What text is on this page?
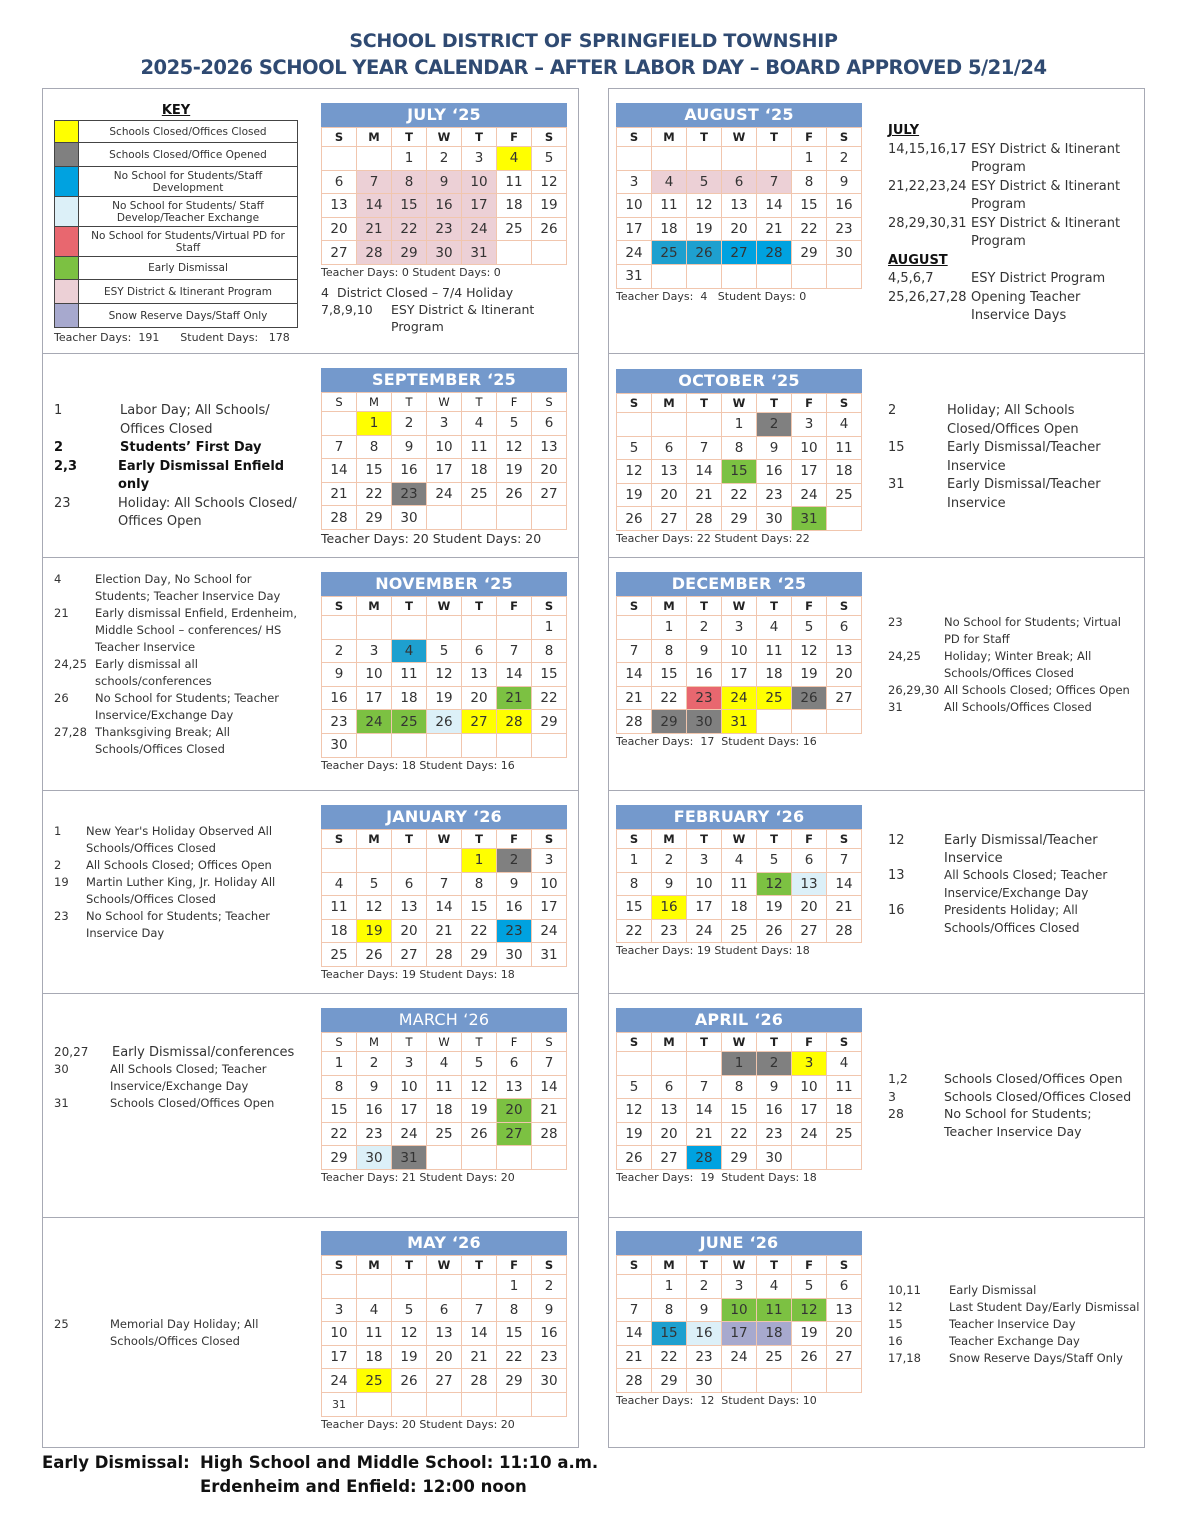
SCHOOL DISTRICT OF SPRINGFIELD TOWNSHIP
2025-2026 SCHOOL YEAR CALENDAR – AFTER LABOR DAY – BOARD APPROVED 5/21/24
KEY
	Schools Closed/Offices Closed
	Schools Closed/Office Opened
	No School for Students/Staff Development
	No School for Students/ Staff Develop/Teacher Exchange
	No School for Students/Virtual PD for Staff
	Early Dismissal
	ESY District & Itinerant Program
	Snow Reserve Days/Staff Only
Teacher Days:  191      Student Days:   178
JULY ‘25
S	M	T	W	T	F	S
		1	2	3	4	5
6	7	8	9	10	11	12
13	14	15	16	17	18	19
20	21	22	23	24	25	26
27	28	29	30	31		
Teacher Days: 0 Student Days: 0
4 District Closed – 7/4 Holiday
7,8,9,10	ESY District & Itinerant Program
AUGUST ‘25
S	M	T	W	T	F	S
					1	2
3	4	5	6	7	8	9
10	11	12	13	14	15	16
17	18	19	20	21	22	23
24	25	26	27	28	29	30
31						
Teacher Days:  4   Student Days: 0
JULY
14,15,16,17 ESY District & Itinerant Program
21,22,23,24 ESY District & Itinerant Program
28,29,30,31 ESY District & Itinerant Program
AUGUST
4,5,6,7	ESY District Program
25,26,27,28 Opening Teacher Inservice Days
1	Labor Day; All Schools/ Offices Closed
2	Students’ First Day
2,3	Early Dismissal Enfield only
23	Holiday: All Schools Closed/ Offices Open
SEPTEMBER ‘25
S	M	T	W	T	F	S
	1	2	3	4	5	6
7	8	9	10	11	12	13
14	15	16	17	18	19	20
21	22	23	24	25	26	27
28	29	30				
Teacher Days: 20 Student Days: 20
OCTOBER ‘25
S	M	T	W	T	F	S
			1	2	3	4
5	6	7	8	9	10	11
12	13	14	15	16	17	18
19	20	21	22	23	24	25
26	27	28	29	30	31	
Teacher Days: 22 Student Days: 22
2	Holiday; All Schools Closed/Offices Open
15	Early Dismissal/Teacher Inservice
31	Early Dismissal/Teacher Inservice
4	Election Day, No School for Students; Teacher Inservice Day
21	Early dismissal Enfield, Erdenheim, Middle School – conferences/ HS Teacher Inservice
24,25 Early dismissal all schools/conferences
26	No School for Students; Teacher Inservice/Exchange Day
27,28 Thanksgiving Break; All Schools/Offices Closed
NOVEMBER ‘25
S	M	T	W	T	F	S
						1
2	3	4	5	6	7	8
9	10	11	12	13	14	15
16	17	18	19	20	21	22
23	24	25	26	27	28	29
30						
Teacher Days: 18 Student Days: 16
DECEMBER ‘25
S	M	T	W	T	F	S
	1	2	3	4	5	6
7	8	9	10	11	12	13
14	15	16	17	18	19	20
21	22	23	24	25	26	27
28	29	30	31			
Teacher Days:  17  Student Days: 16
23	No School for Students; Virtual PD for Staff
24,25	Holiday; Winter Break; All Schools/Offices Closed
26,29,30 All Schools Closed; Offices Open
31	All Schools/Offices Closed
1	New Year's Holiday Observed All Schools/Offices Closed
2	All Schools Closed; Offices Open
19	Martin Luther King, Jr. Holiday All Schools/Offices Closed
23	No School for Students; Teacher Inservice Day
JANUARY ‘26
S	M	T	W	T	F	S
				1	2	3
4	5	6	7	8	9	10
11	12	13	14	15	16	17
18	19	20	21	22	23	24
25	26	27	28	29	30	31
Teacher Days: 19 Student Days: 18
FEBRUARY ‘26
S	M	T	W	T	F	S
1	2	3	4	5	6	7
8	9	10	11	12	13	14
15	16	17	18	19	20	21
22	23	24	25	26	27	28
Teacher Days: 19 Student Days: 18
12	Early Dismissal/Teacher Inservice
13	All Schools Closed; Teacher Inservice/Exchange Day
16	Presidents Holiday; All Schools/Offices Closed
20,27	Early Dismissal/conferences
30	All Schools Closed; Teacher Inservice/Exchange Day
31	Schools Closed/Offices Open
MARCH ‘26
S	M	T	W	T	F	S
1	2	3	4	5	6	7
8	9	10	11	12	13	14
15	16	17	18	19	20	21
22	23	24	25	26	27	28
29	30	31				
Teacher Days: 21 Student Days: 20
APRIL ‘26
S	M	T	W	T	F	S
			1	2	3	4
5	6	7	8	9	10	11
12	13	14	15	16	17	18
19	20	21	22	23	24	25
26	27	28	29	30		
Teacher Days:  19  Student Days: 18
1,2	Schools Closed/Offices Open
3	Schools Closed/Offices Closed
28	No School for Students; Teacher Inservice Day
25	Memorial Day Holiday; All Schools/Offices Closed
MAY ‘26
S	M	T	W	T	F	S
					1	2
3	4	5	6	7	8	9
10	11	12	13	14	15	16
17	18	19	20	21	22	23
24	25	26	27	28	29	30
31						
Teacher Days: 20 Student Days: 20
JUNE ‘26
S	M	T	W	T	F	S
	1	2	3	4	5	6
7	8	9	10	11	12	13
14	15	16	17	18	19	20
21	22	23	24	25	26	27
28	29	30				
Teacher Days:  12  Student Days: 10
10,11	Early Dismissal
12	Last Student Day/Early Dismissal
15	Teacher Inservice Day
16	Teacher Exchange Day
17,18	Snow Reserve Days/Staff Only
Early Dismissal: High School and Middle School: 11:10 a.m.
Erdenheim and Enfield: 12:00 noon
